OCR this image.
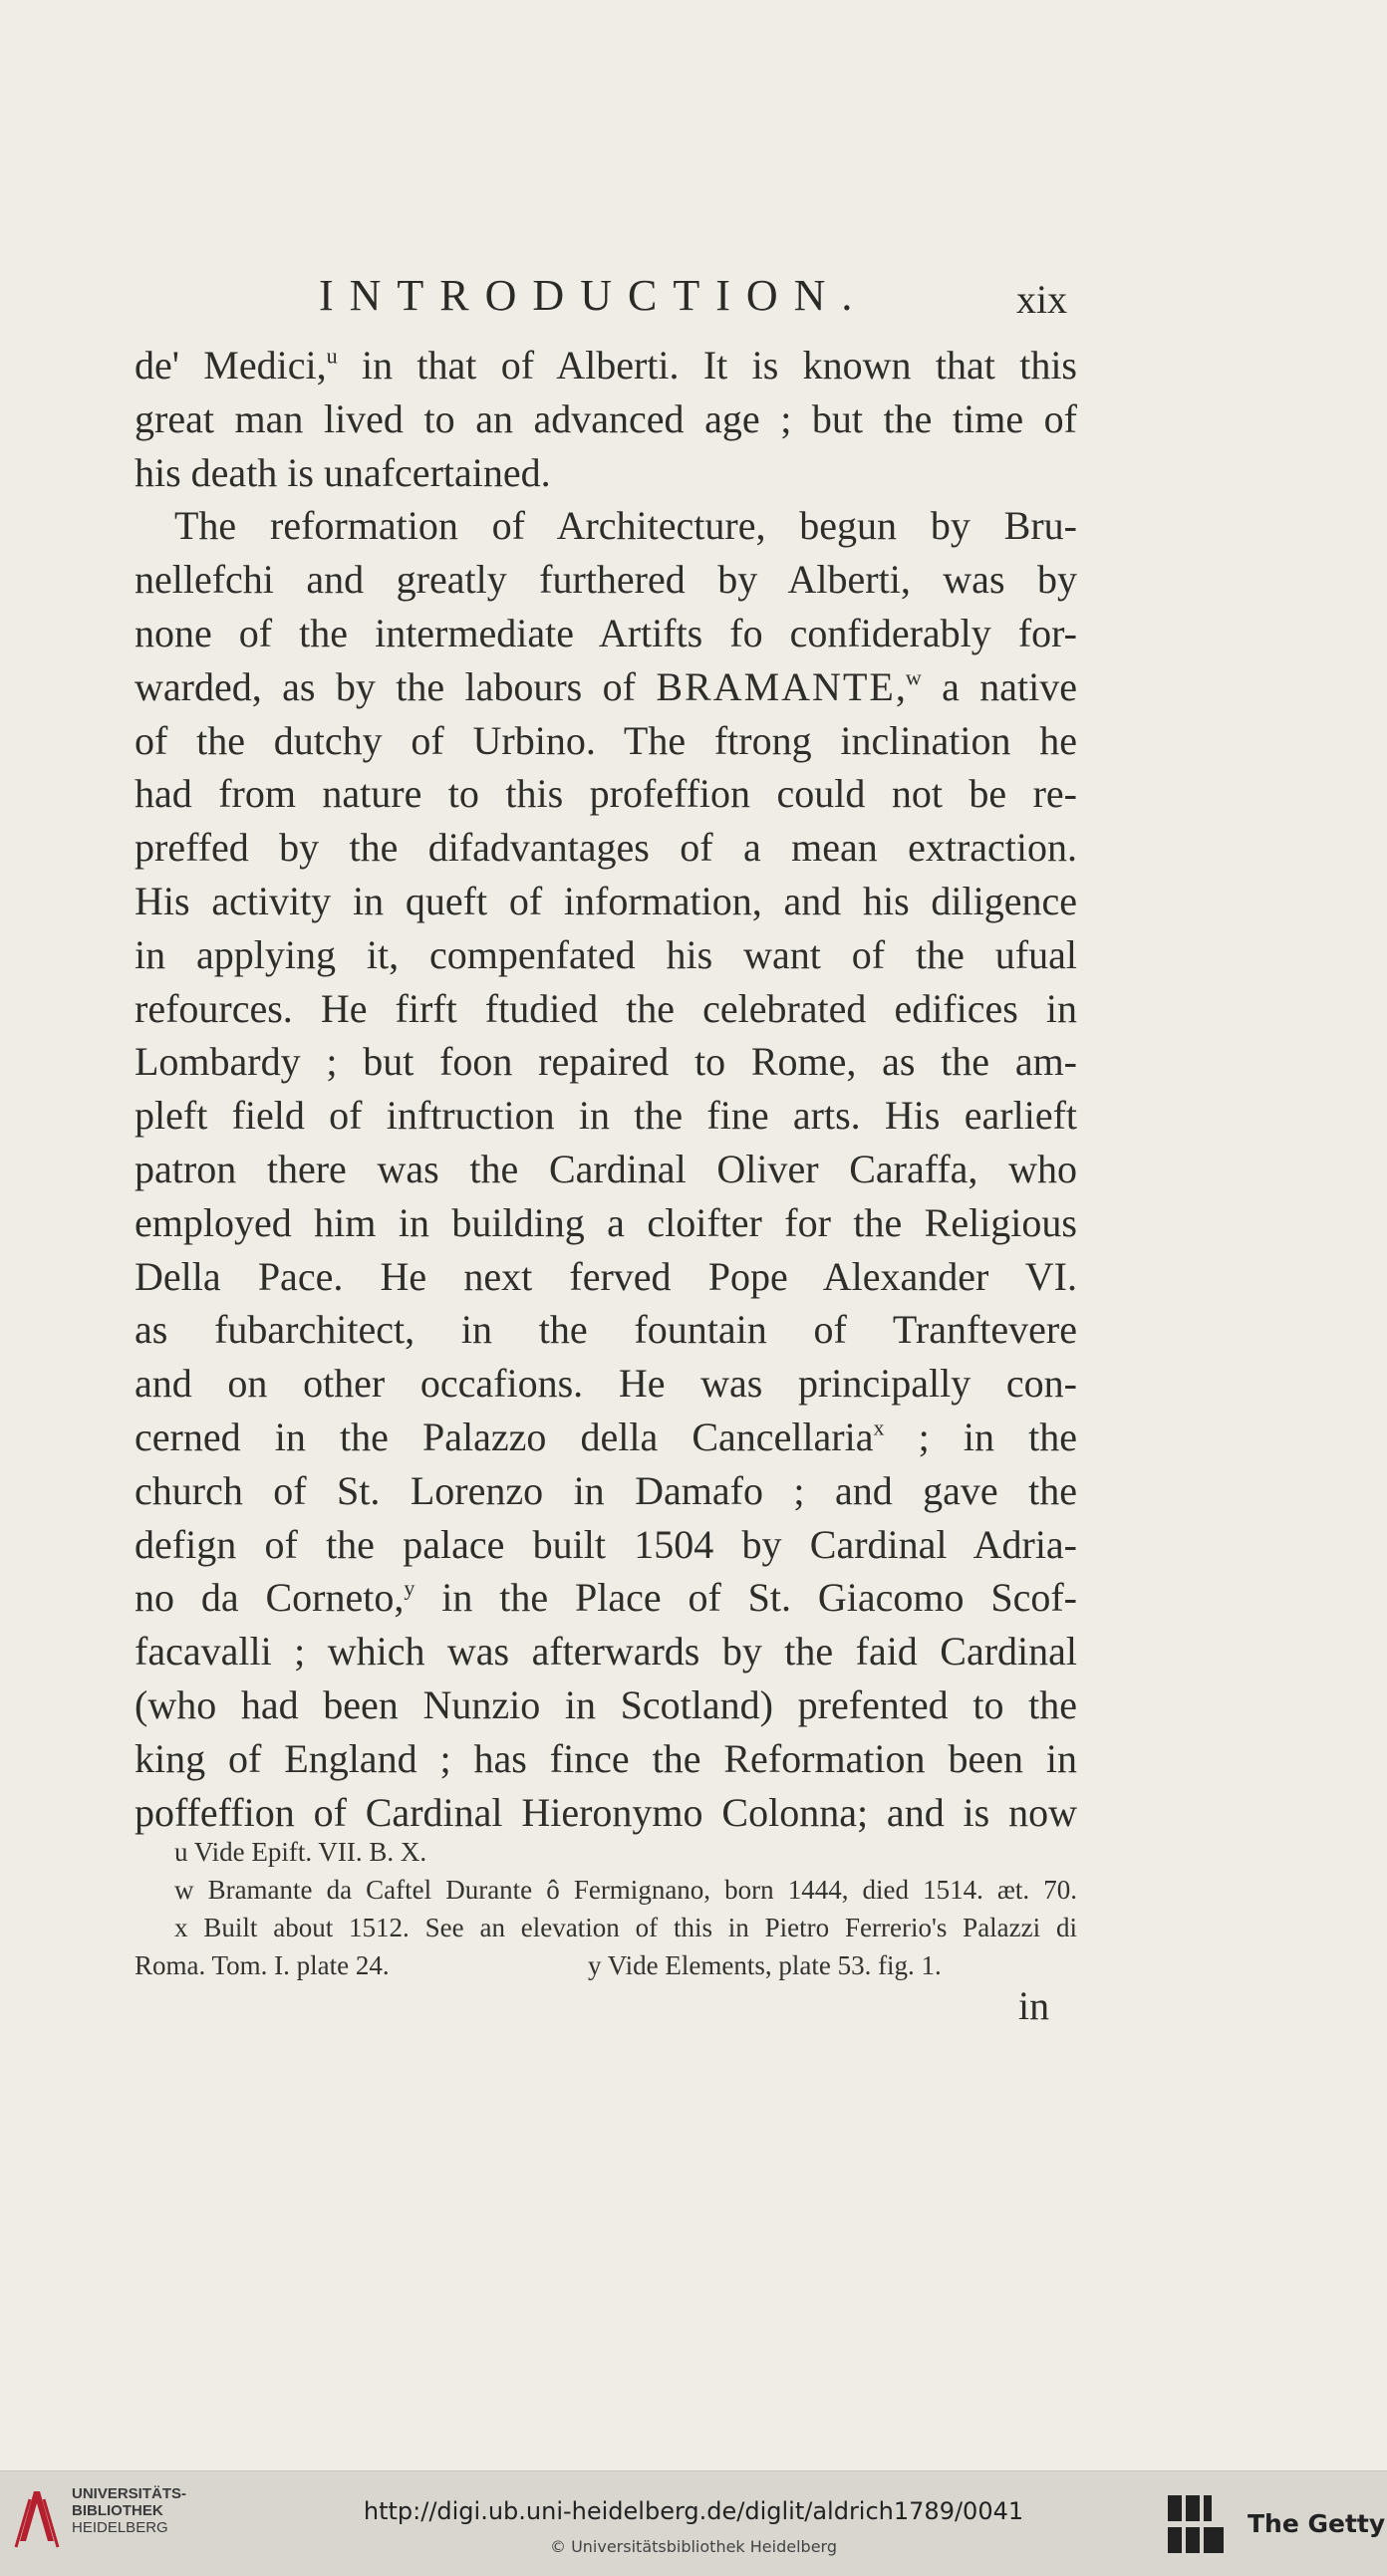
INTRODUCTION.	xix
de' Medici,$^u$ in that of Alberti. It is known that this
great man lived to an advanced age ; but the time of
his death is unafcertained.
The reformation of Architecture, begun by Bru-
nellefchi and greatly furthered by Alberti, was by
none of the intermediate Artifts fo confiderably for-
warded, as by the labours of BRAMANTE,$^w$ a native
of the dutchy of Urbino. The ftrong inclination he
had from nature to this profeffion could not be re-
preffed by the difadvantages of a mean extraction.
His activity in queft of information, and his diligence
in applying it, compenfated his want of the ufual
refources. He firft ftudied the celebrated edifices in
Lombardy ; but foon repaired to Rome, as the am-
pleft field of inftruction in the fine arts. His earlieft
patron there was the Cardinal Oliver Caraffa, who
employed him in building a cloifter for the Religious
Della Pace. He next ferved Pope Alexander VI.
as fubarchitect, in the fountain of Tranftevere
and on other occafions. He was principally con-
cerned in the Palazzo della Cancellaria$^x$ ; in the
church of St. Lorenzo in Damafo ; and gave the
defign of the palace built 1504 by Cardinal Adria-
no da Corneto,$^y$ in the Place of St. Giacomo Scof-
facavalli ; which was afterwards by the faid Cardinal
(who had been Nunzio in Scotland) prefented to the
king of England ; has fince the Reformation been in
poffeffion of Cardinal Hieronymo Colonna; and is now
u Vide Epift. VII. B. X.
w Bramante da Caftel Durante ô Fermignano, born 1444, died 1514. æt. 70.
x Built about 1512. See an elevation of this in Pietro Ferrerio's Palazzi di
Roma. Tom. I. plate 24.	y Vide Elements, plate 53. fig. 1.
in
UNIVERSITÄTS-
BIBLIOTHEK
HEIDELBERG
http://digi.ub.uni-heidelberg.de/diglit/aldrich1789/0041
© Universitätsbibliothek Heidelberg
GETTY
The Getty
